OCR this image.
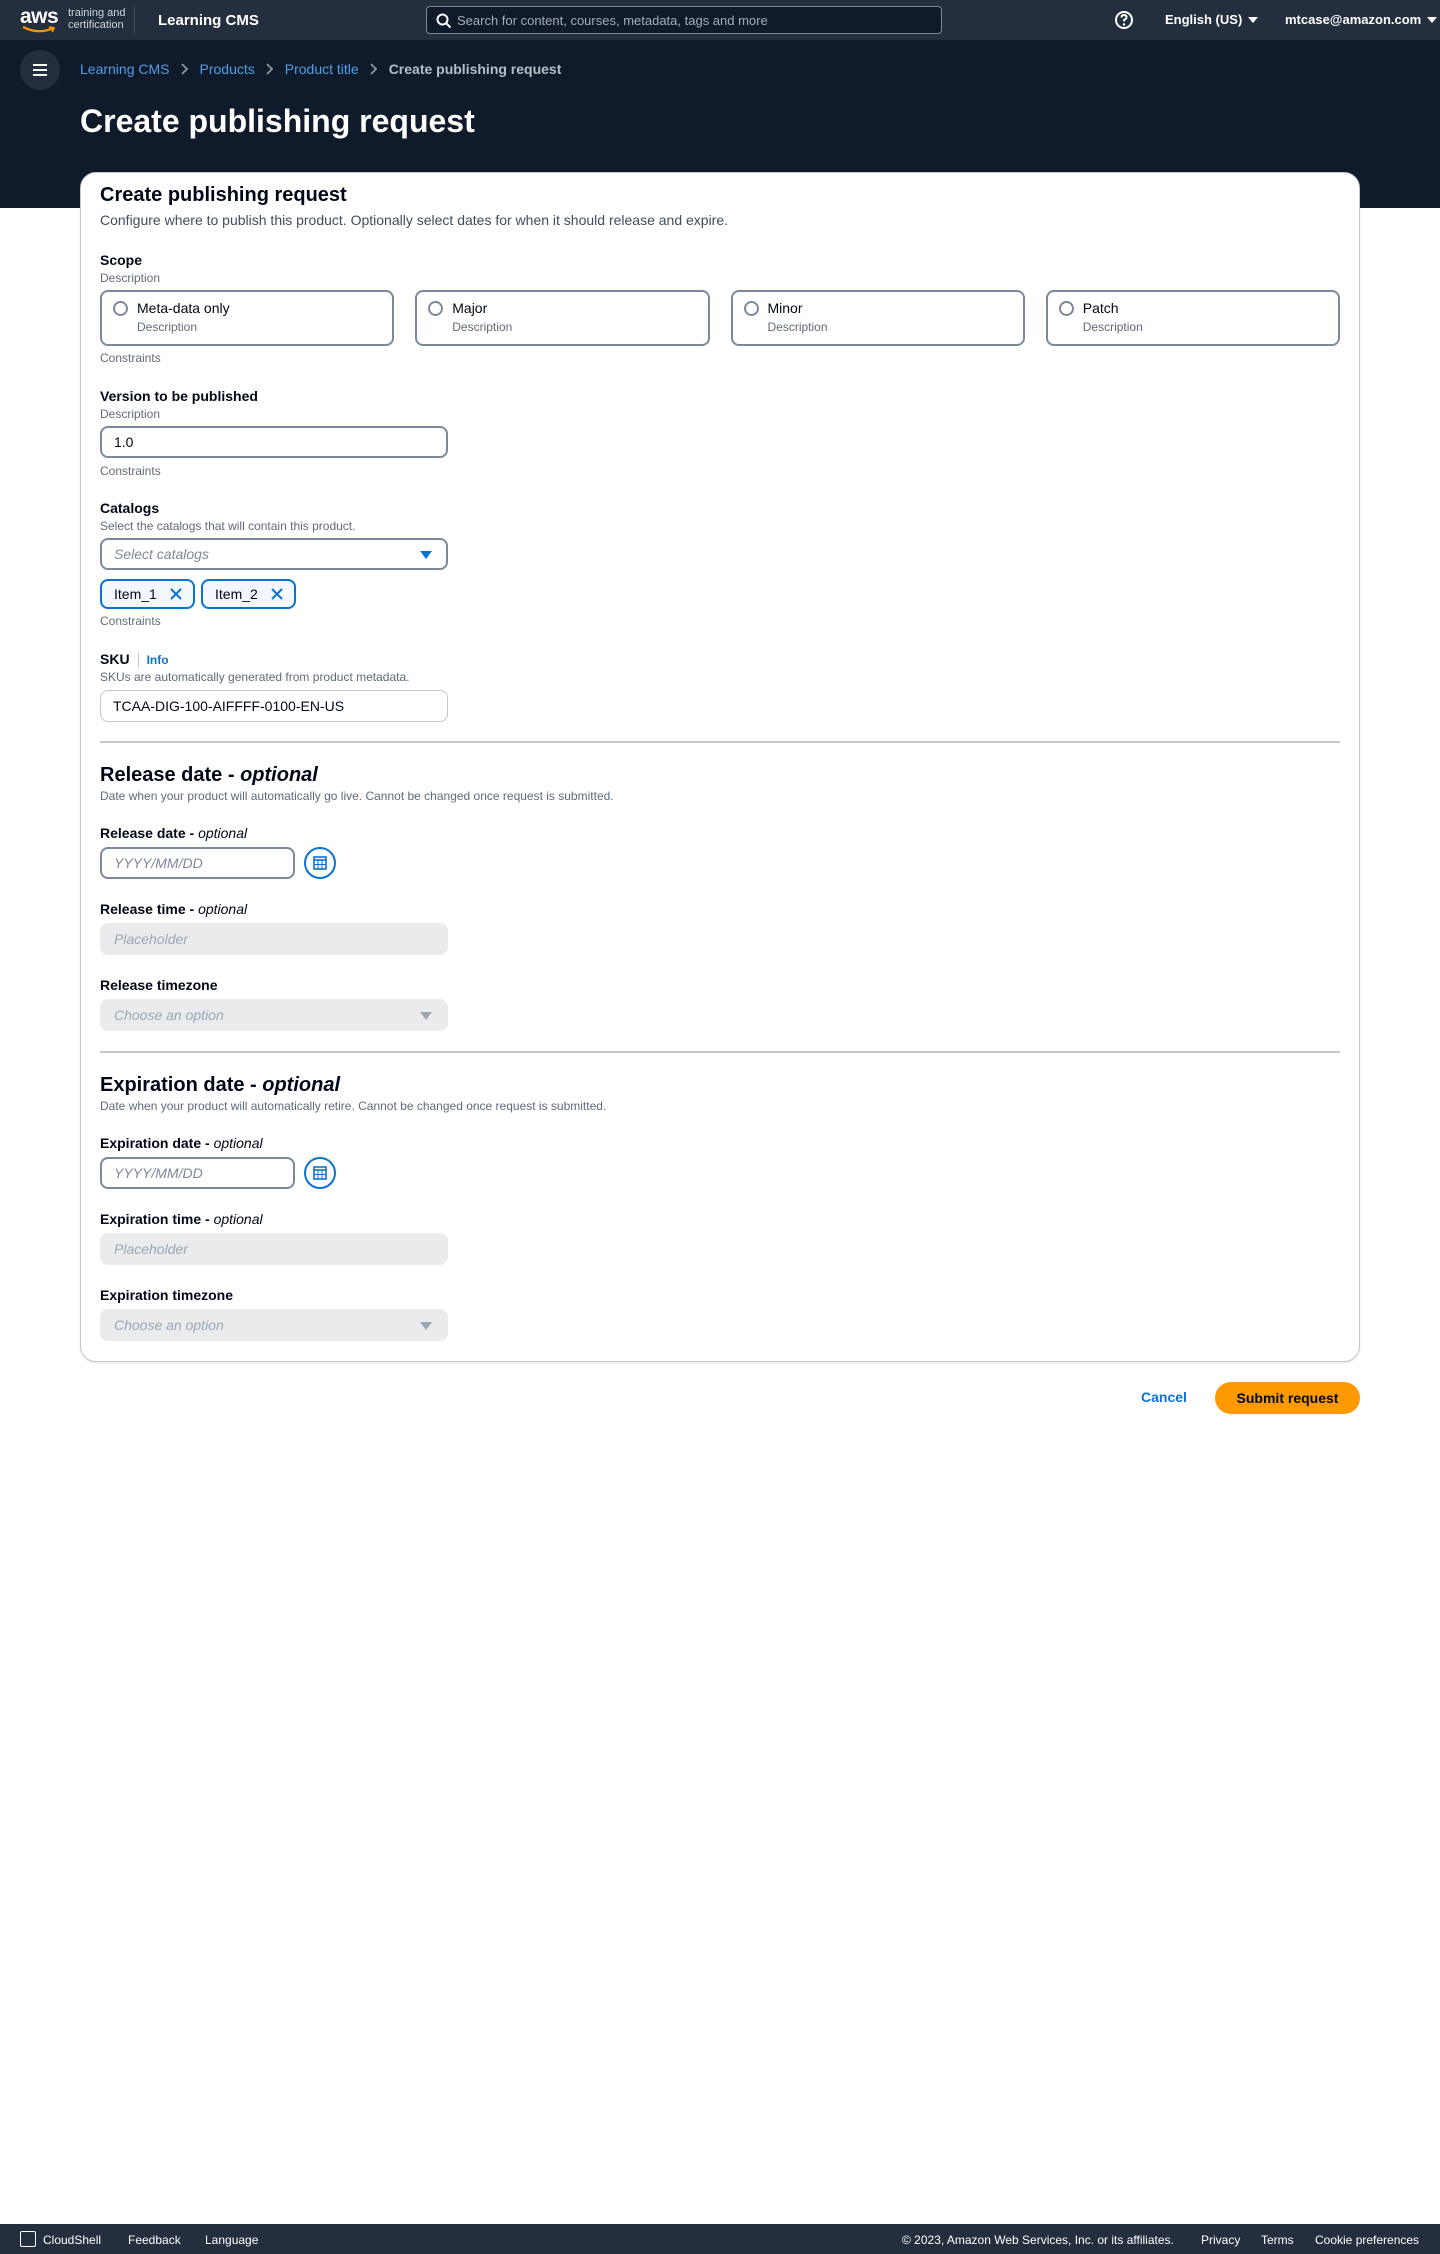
aws training and
certification Learning CMS	Search for content, courses, metadata, tags and more	English (US)	mtcase@amazon.com
Learning CMS Products Product title Create publishing request
Create publishing request
Create publishing request
Configure where to publish this product. Optionally select dates for when it should release and expire.
Scope
Description
Meta-data only
Description
Major
Description
Minor
Description
Patch
Description
Constraints
Version to be published
Description
1.0
Constraints
Catalogs
Select the catalogs that will contain this product.
Select catalogs
Item_1	Item_2
Constraints
SKU Info
SKUs are automatically generated from product metadata.
TCAA-DIG-100-AIFFFF-0100-EN-US
Release date - optional
Date when your product will automatically go live. Cannot be changed once request is submitted.
Release date - optional
YYYY/MM/DD
Release time - optional
Placeholder
Release timezone
Choose an option
Expiration date - optional
Date when your product will automatically retire. Cannot be changed once request is submitted.
Expiration date - optional
YYYY/MM/DD
Expiration time - optional
Placeholder
Expiration timezone
Choose an option
Cancel	Submit request
CloudShell Feedback Language	© 2023, Amazon Web Services, Inc. or its affiliates. Privacy Terms Cookie preferences
